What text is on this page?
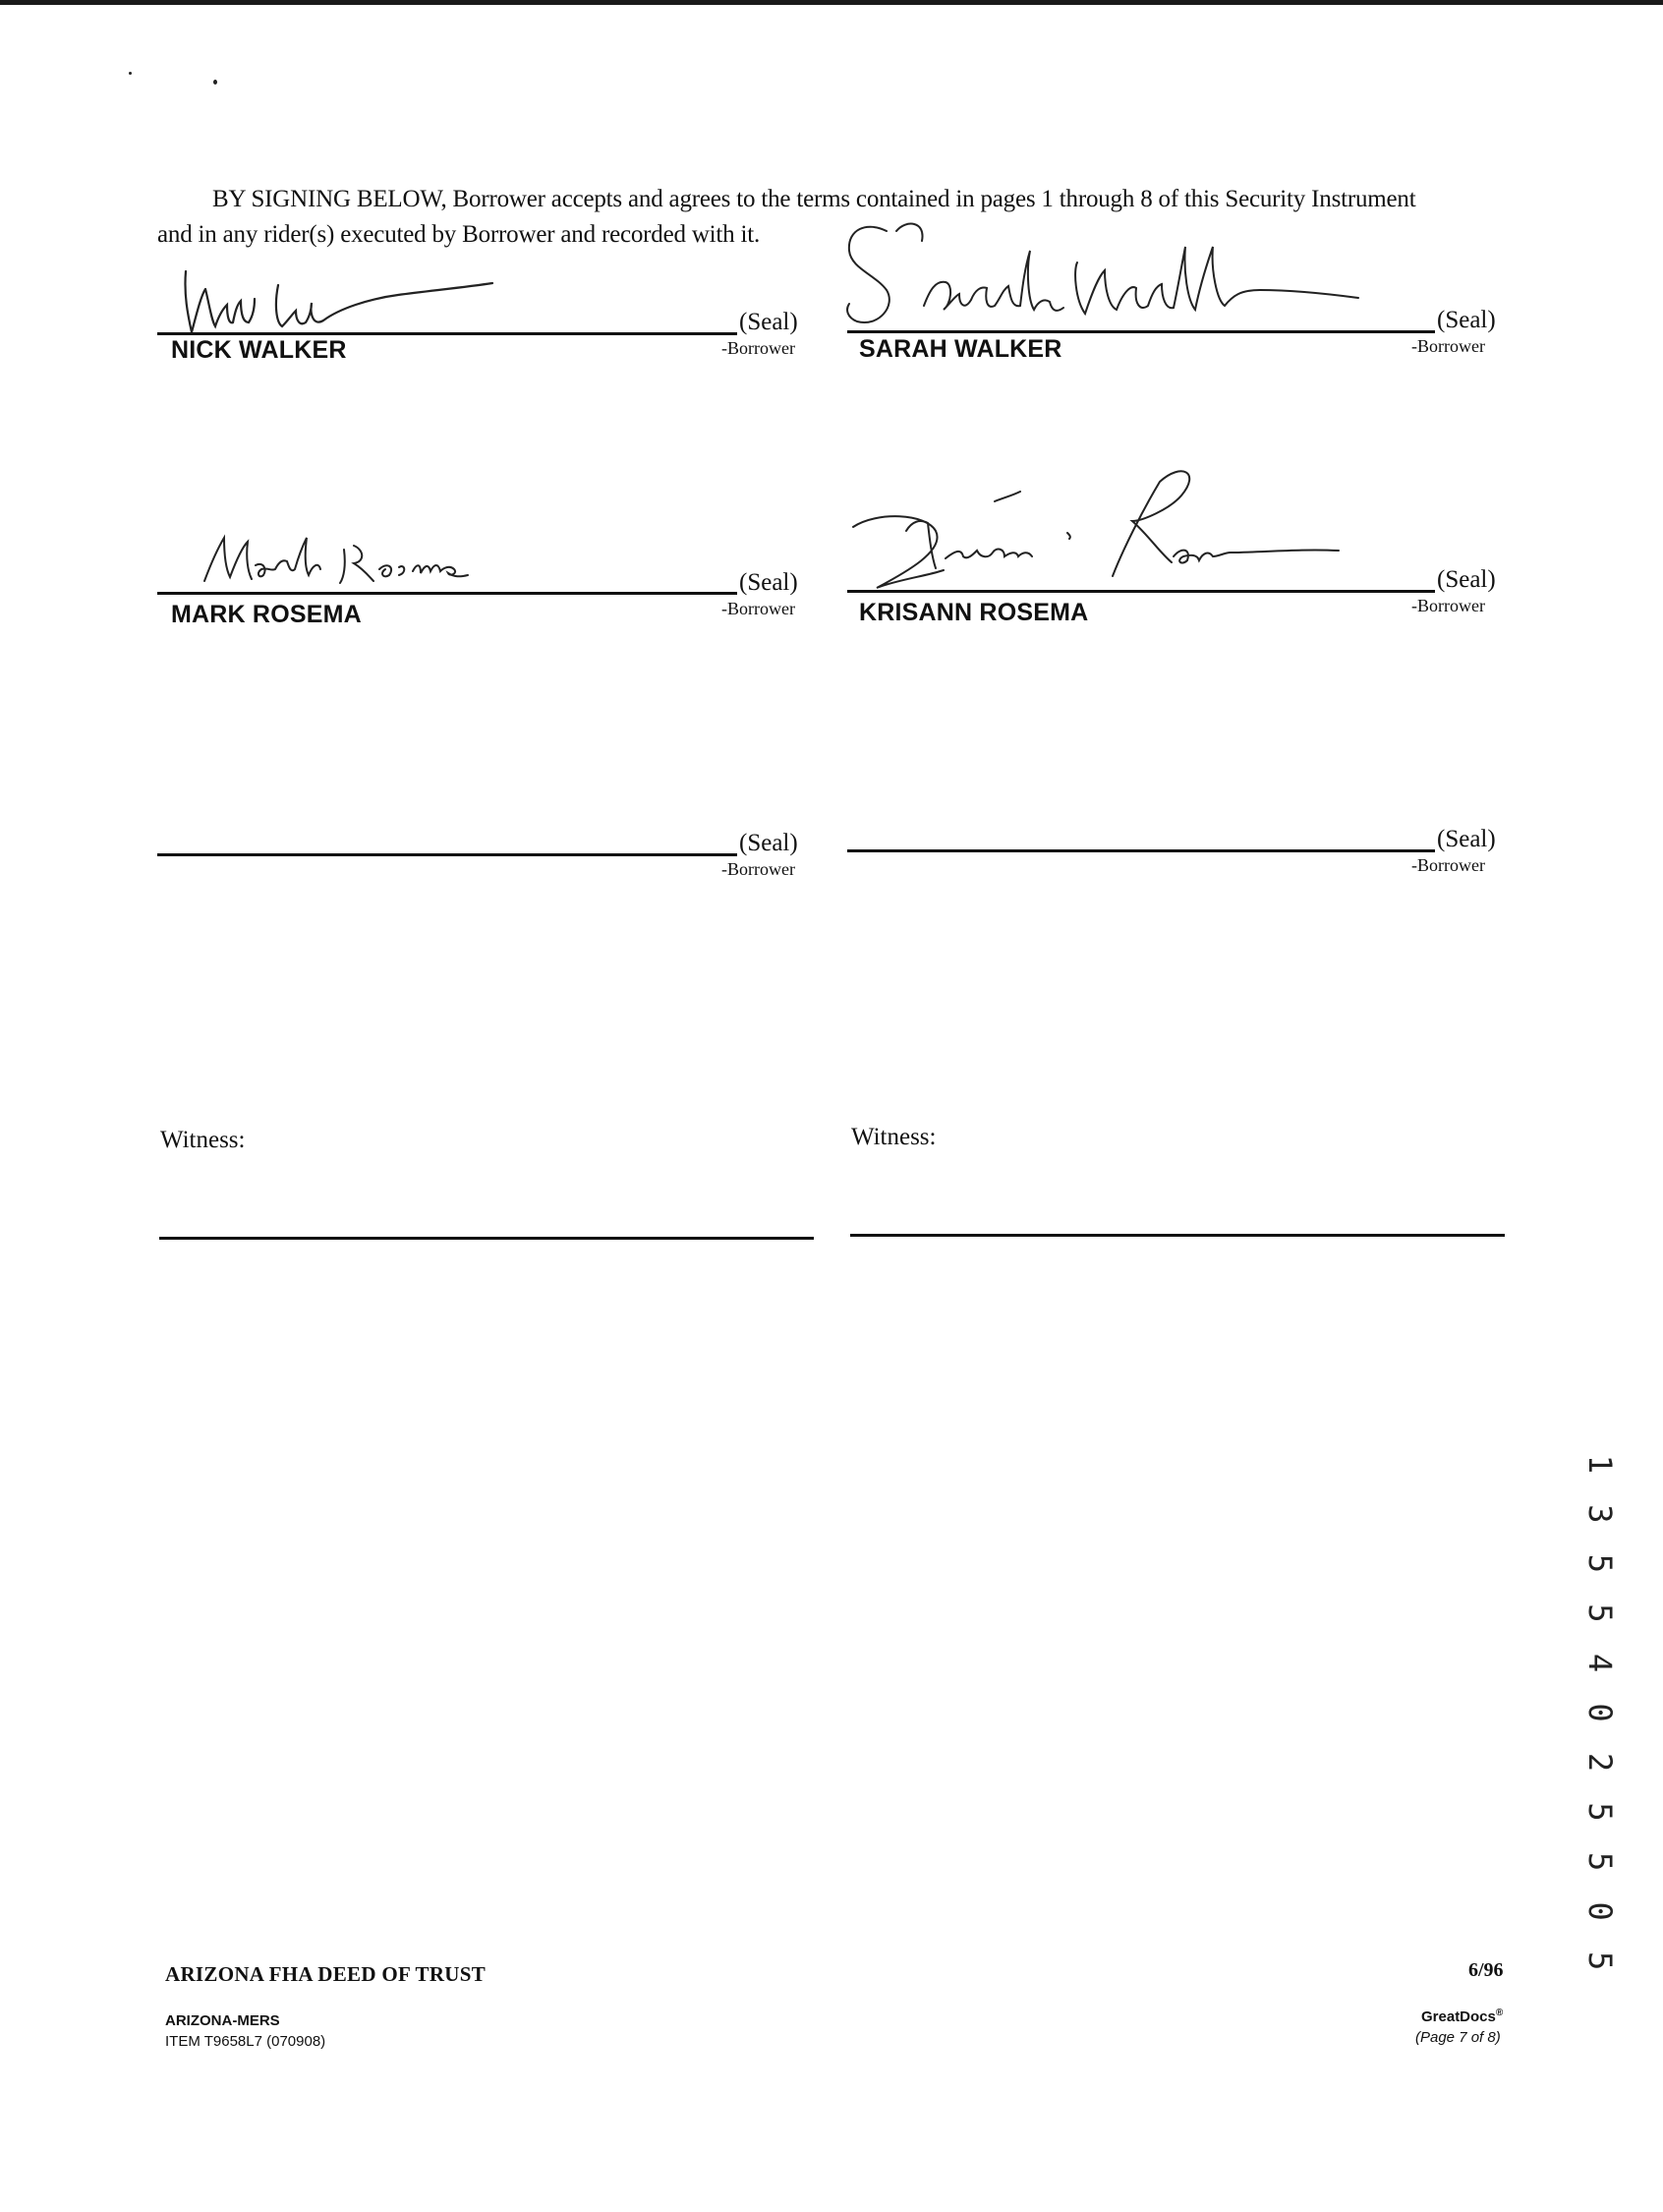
BY SIGNING BELOW, Borrower accepts and agrees to the terms contained in pages 1 through 8 of this Security Instrument
and in any rider(s) executed by Borrower and recorded with it.
(Seal)
-Borrower
NICK WALKER
(Seal)
-Borrower
SARAH WALKER
(Seal)
-Borrower
MARK ROSEMA
(Seal)
-Borrower
KRISANN ROSEMA
(Seal)
-Borrower
(Seal)
-Borrower
Witness:	Witness:
1 3 5 5 4 0 2 5 5 0 5
ARIZONA FHA DEED OF TRUST	6/96
ARIZONA-MERS
ITEM T9658L7 (070908)
GreatDocs®
(Page 7 of 8)
